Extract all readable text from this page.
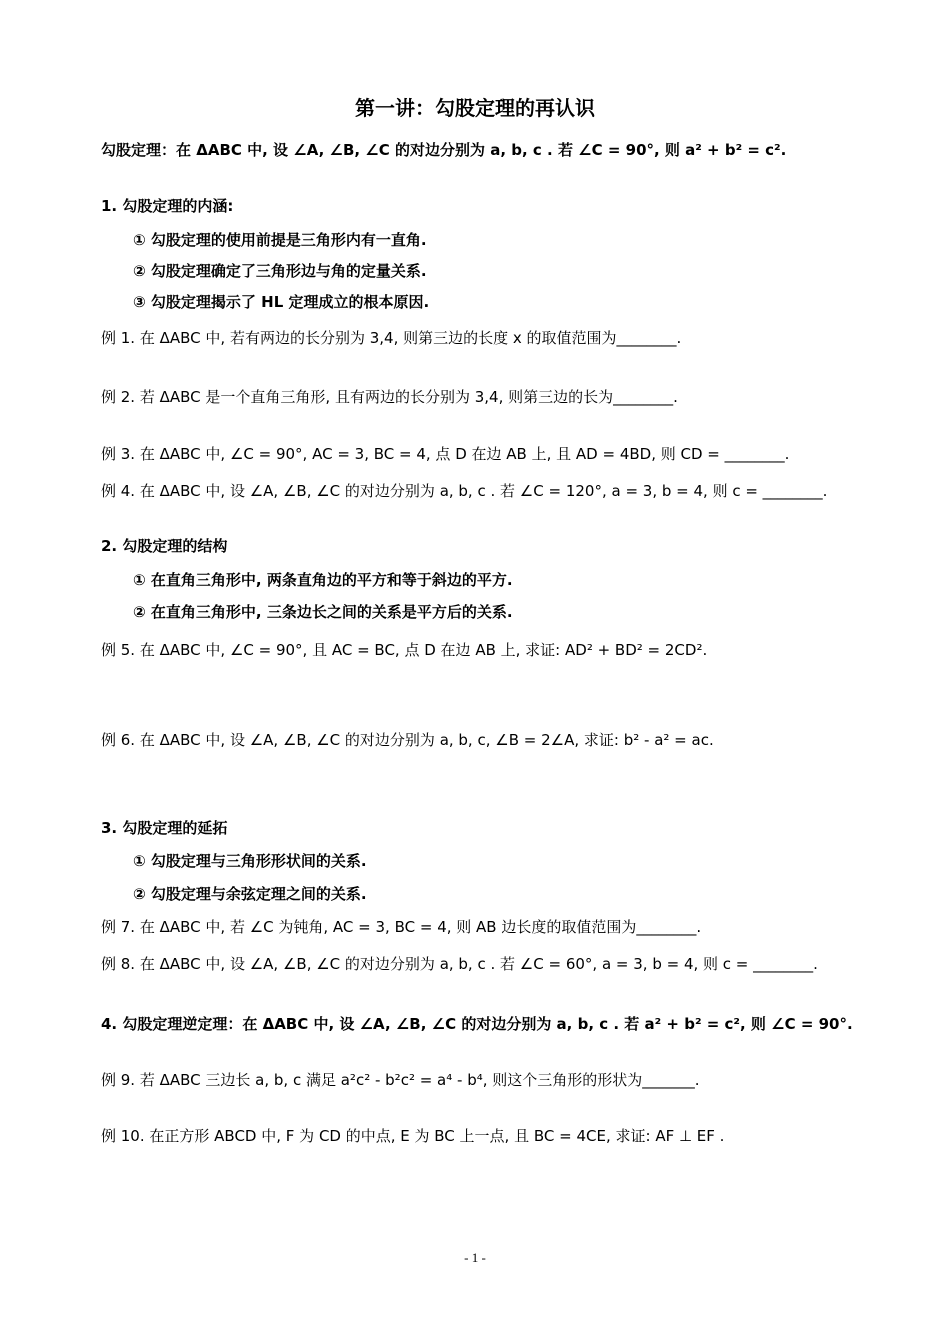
第一讲：勾股定理的再认识
勾股定理：在 ΔABC 中, 设 ∠A, ∠B, ∠C 的对边分别为 a, b, c . 若 ∠C = 90°, 则 a² + b² = c².
1. 勾股定理的内涵:
① 勾股定理的使用前提是三角形内有一直角.
② 勾股定理确定了三角形边与角的定量关系.
③ 勾股定理揭示了 HL 定理成立的根本原因.
例 1. 在 ΔABC 中, 若有两边的长分别为 3,4, 则第三边的长度 x 的取值范围为________.
例 2. 若 ΔABC 是一个直角三角形, 且有两边的长分别为 3,4, 则第三边的长为________.
例 3. 在 ΔABC 中, ∠C = 90°, AC = 3, BC = 4, 点 D 在边 AB 上, 且 AD = 4BD, 则 CD = ________.
例 4. 在 ΔABC 中, 设 ∠A, ∠B, ∠C 的对边分别为 a, b, c . 若 ∠C = 120°, a = 3, b = 4, 则 c = ________.
2. 勾股定理的结构
① 在直角三角形中, 两条直角边的平方和等于斜边的平方.
② 在直角三角形中, 三条边长之间的关系是平方后的关系.
例 5. 在 ΔABC 中, ∠C = 90°, 且 AC = BC, 点 D 在边 AB 上, 求证: AD² + BD² = 2CD².
例 6. 在 ΔABC 中, 设 ∠A, ∠B, ∠C 的对边分别为 a, b, c, ∠B = 2∠A, 求证: b² - a² = ac.
3. 勾股定理的延拓
① 勾股定理与三角形形状间的关系.
② 勾股定理与余弦定理之间的关系.
例 7. 在 ΔABC 中, 若 ∠C 为钝角, AC = 3, BC = 4, 则 AB 边长度的取值范围为________.
例 8. 在 ΔABC 中, 设 ∠A, ∠B, ∠C 的对边分别为 a, b, c . 若 ∠C = 60°, a = 3, b = 4, 则 c = ________.
4. 勾股定理逆定理：在 ΔABC 中, 设 ∠A, ∠B, ∠C 的对边分别为 a, b, c . 若 a² + b² = c², 则 ∠C = 90°.
例 9. 若 ΔABC 三边长 a, b, c 满足 a²c² - b²c² = a⁴ - b⁴, 则这个三角形的形状为_______.
例 10. 在正方形 ABCD 中, F 为 CD 的中点, E 为 BC 上一点, 且 BC = 4CE, 求证: AF ⊥ EF .
- 1 -
